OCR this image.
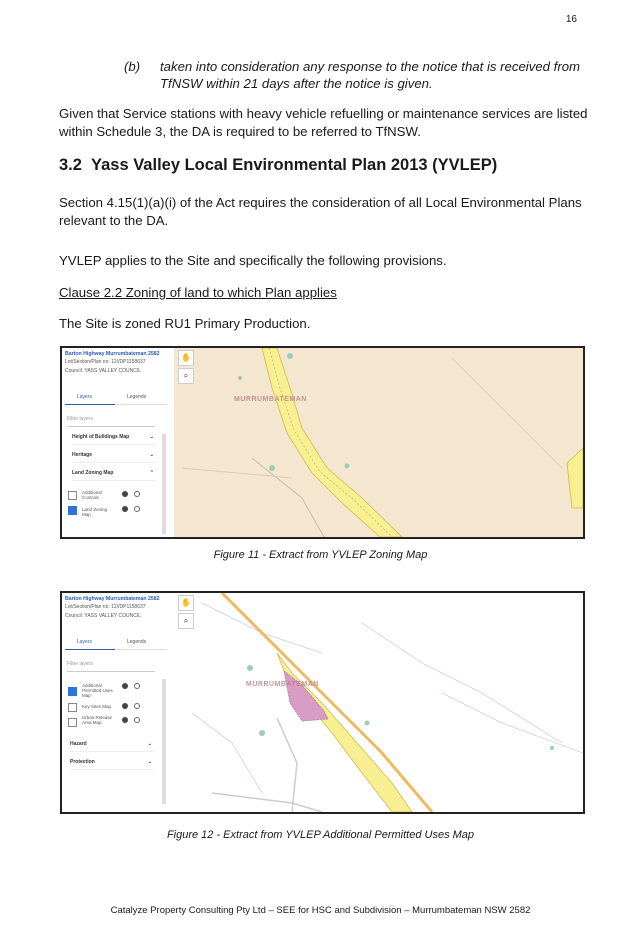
16
(b) taken into consideration any response to the notice that is received from TfNSW within 21 days after the notice is given.
Given that Service stations with heavy vehicle refuelling or maintenance services are listed within Schedule 3, the DA is required to be referred to TfNSW.
3.2 Yass Valley Local Environmental Plan 2013 (YVLEP)
Section 4.15(1)(a)(i) of the Act requires the consideration of all Local Environmental Plans relevant to the DA.
YVLEP applies to the Site and specifically the following provisions.
Clause 2.2 Zoning of land to which Plan applies
The Site is zoned RU1 Primary Production.
MURRUMBATEMAN
✋
⌕
Barton Highway Murrumbateman 2582
Lot/Section/Plan no: 12//DP1158637
Council: YASS VALLEY COUNCIL
Layers	Legends
Filter layers
Height of Buildings Map	⌄
Heritage	⌄
Land Zoning Map	⌃
Additional Controls
Land Zoning Map
Figure 11 - Extract from YVLEP Zoning Map
MURRUMBATEMAN
✋
⌕
Barton Highway Murrumbateman 2582
Lot/Section/Plan no: 12//DP1158637
Council: YASS VALLEY COUNCIL
Layers	Legends
Filter layers
Additional Permitted Uses Map
Key Sites Map
Urban Release Area Map
Hazard	⌄
Protection	⌄
Figure 12 - Extract from YVLEP Additional Permitted Uses Map
Catalyze Property Consulting Pty Ltd – SEE for HSC and Subdivision – Murrumbateman NSW 2582
